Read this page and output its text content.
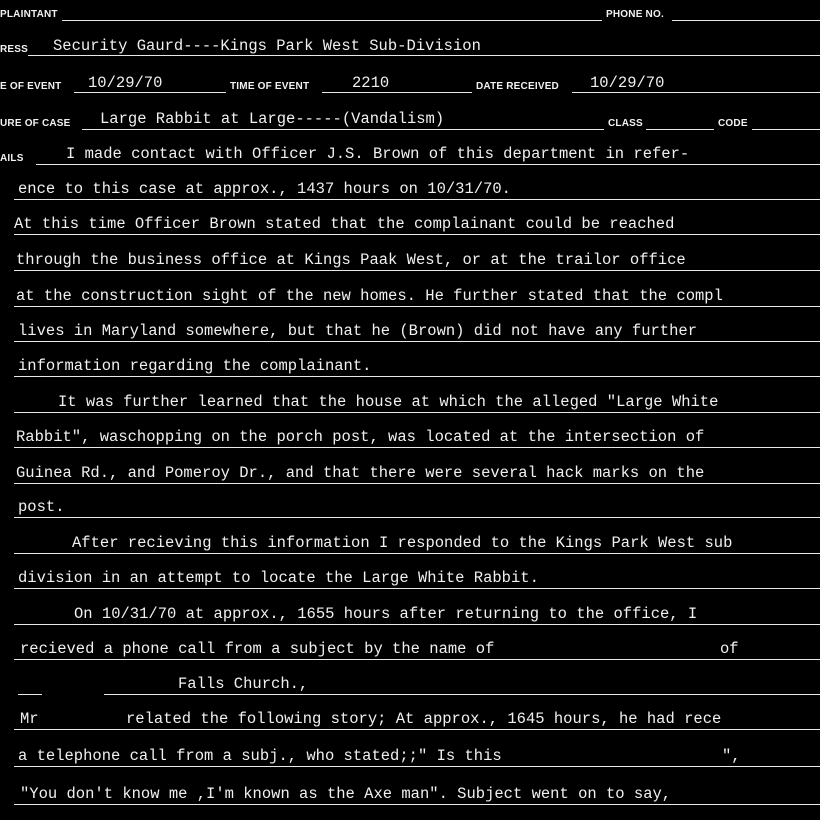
PLAINTANT	PHONE NO.
RESS Security Gaurd----Kings Park West Sub-Division
E OF EVENT 10/29/70	TIME OF EVENT	2210	DATE RECEIVED 10/29/70
URE OF CASE Large Rabbit at Large-----(Vandalism)	CLASS	CODE
AILS	I made contact with Officer J.S. Brown of this department in refer-
ence to this case at approx., 1437 hours on 10/31/70.
At this time Officer Brown stated that the complainant could be reached
through the business office at Kings Paak West, or at the trailor office
at the construction sight of the new homes. He further stated that the compl
lives in Maryland somewhere, but that he (Brown) did not have any further
information regarding the complainant.
It was further learned that the house at which the alleged "Large White
Rabbit", waschopping on the porch post, was located at the intersection of
Guinea Rd., and Pomeroy Dr., and that there were several hack marks on the
post.
After recieving this information I responded to the Kings Park West sub
division in an attempt to locate the Large White Rabbit.
On 10/31/70 at approx., 1655 hours after returning to the office, I
recieved a phone call from a subject by the name of	of
Falls Church.,
Mr	related the following story; At approx., 1645 hours, he had rece
a telephone call from a subj., who stated;;" Is this	",
"You don't know me ,I'm known as the Axe man". Subject went on to say,
